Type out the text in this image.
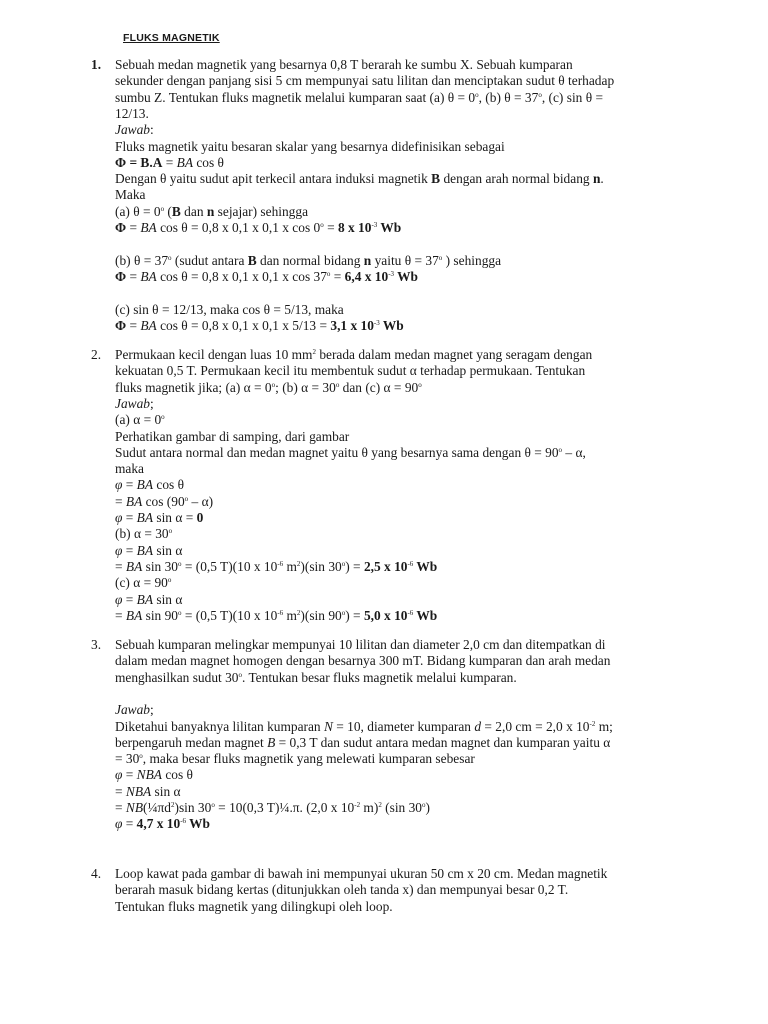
FLUKS MAGNETIK
1. Sebuah medan magnetik yang besarnya 0,8 T berarah ke sumbu X. Sebuah kumparan
sekunder dengan panjang sisi 5 cm mempunyai satu lilitan dan menciptakan sudut θ terhadap
sumbu Z. Tentukan fluks magnetik melalui kumparan saat (a) $\theta = 0^o$, (b) $\theta = 37^o$, (c) sin θ =
12/13.
Jawab:
Fluks magnetik yaitu besaran skalar yang besarnya didefinisikan sebagai
Φ = B.A = BA cos θ
Dengan θ yaitu sudut apit terkecil antara induksi magnetik B dengan arah normal bidang n.
Maka
(a) $\theta = 0^o$ (B dan n sejajar) sehingga
Φ = BA cos θ = 0,8 x 0,1 x 0,1 x $\cos 0^o = 8$ x $10^{-3}$ Wb
(b) $\theta = 37^o$ (sudut antara B dan normal bidang n yaitu $\theta = 37^o$ ) sehingga
Φ = BA cos θ = 0,8 x 0,1 x 0,1 x $\cos 37^o = 6,4$ x $10^{-3}$ Wb
(c) sin θ = 12/13, maka cos θ = 5/13, maka
Φ = BA cos θ = 0,8 x 0,1 x 0,1 x 5/13 = 3,1 x $10^{-3}$ Wb
2. Permukaan kecil dengan luas 10 $mm^2$ berada dalam medan magnet yang seragam dengan
kekuatan 0,5 T. Permukaan kecil itu membentuk sudut α terhadap permukaan. Tentukan
fluks magnetik jika; (a) $\alpha = 0^o$; (b) $\alpha = 30^o$ dan (c) $\alpha = 90^o$
Jawab;
(a) $\alpha = 0^o$
Perhatikan gambar di samping, dari gambar
Sudut antara normal dan medan magnet yaitu θ yang besarnya sama dengan $\theta = 90^o - \alpha$,
maka
φ = BA cos θ
= BA cos (90$^o$ – α)
φ = BA sin α = 0
(b) $\alpha = 30^o$
φ = BA sin α
= BA $\sin 30^o = (0,5$ T)(10 x $10^{-6}$ $m^2)(\sin$ $30^o) = 2,5$ x $10^{-6}$ Wb
(c) $\alpha = 90^o$
φ = BA sin α
= BA $\sin 90^o = (0,5$ T)(10 x $10^{-6}$ $m^2)(\sin$ $90^o) = 5,0$ x $10^{-6}$ Wb
3. Sebuah kumparan melingkar mempunyai 10 lilitan dan diameter 2,0 cm dan ditempatkan di
dalam medan magnet homogen dengan besarnya 300 mT. Bidang kumparan dan arah medan
menghasilkan sudut 30$^o$. Tentukan besar fluks magnetik melalui kumparan.
Jawab;
Diketahui banyaknya lilitan kumparan N = 10, diameter kumparan d = 2,0 cm = 2,0 x $10^{-2}$ m;
berpengaruh medan magnet B = 0,3 T dan sudut antara medan magnet dan kumparan yaitu α
= $30^o$, maka besar fluks magnetik yang melewati kumparan sebesar
φ = NBA cos θ
= NBA sin α
= $NB(\frac{1}{4}\pi d^2)\sin$ $30^o = 10(0,3$ T)¼.π. (2,0 x $10^{-2}$ m)$^2$ (sin 30$^o$)
φ = 4,7 x $10^{-6}$ Wb
4. Loop kawat pada gambar di bawah ini mempunyai ukuran 50 cm x 20 cm. Medan magnetik
berarah masuk bidang kertas (ditunjukkan oleh tanda x) dan mempunyai besar 0,2 T.
Tentukan fluks magnetik yang dilingkupi oleh loop.
